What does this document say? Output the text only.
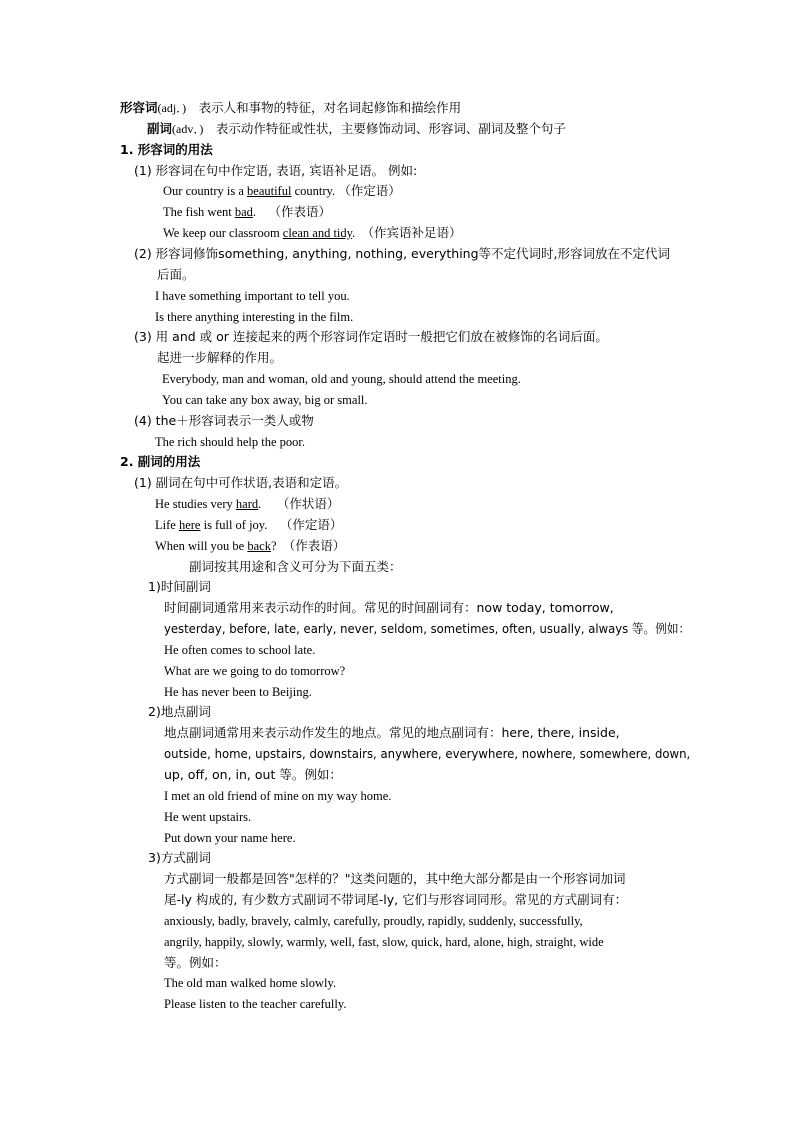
形容词(adj．) 表示人和事物的特征，对名词起修饰和描绘作用
副词(adv．) 表示动作特征或性状，主要修饰动词、形容词、副词及整个句子
1. 形容词的用法
(1) 形容词在句中作定语, 表语, 宾语补足语。 例如:
Our country is a beautiful country. （作定语）
The fish went bad. （作表语）
We keep our classroom clean and tidy. （作宾语补足语）
(2) 形容词修饰something, anything, nothing, everything等不定代词时,形容词放在不定代词
后面。
I have something important to tell you.
Is there anything interesting in the film.
(3) 用 and 或 or 连接起来的两个形容词作定语时一般把它们放在被修饰的名词后面。
起进一步解释的作用。
Everybody, man and woman, old and young, should attend the meeting.
You can take any box away, big or small.
(4) the＋形容词表示一类人或物
The rich should help the poor.
2. 副词的用法
(1) 副词在句中可作状语,表语和定语。
He studies very hard. （作状语）
Life here is full of joy. （作定语）
When will you be back? （作表语）
副词按其用途和含义可分为下面五类：
1)时间副词
时间副词通常用来表示动作的时间。常见的时间副词有：now today, tomorrow,
yesterday, before, late, early, never, seldom, sometimes, often, usually, always 等。例如：
He often comes to school late.
What are we going to do tomorrow?
He has never been to Beijing.
2)地点副词
地点副词通常用来表示动作发生的地点。常见的地点副词有：here, there, inside,
outside, home, upstairs, downstairs, anywhere, everywhere, nowhere, somewhere, down,
up, off, on, in, out 等。例如：
I met an old friend of mine on my way home.
He went upstairs.
Put down your name here.
3)方式副词
方式副词一般都是回答"怎样的？"这类问题的，其中绝大部分都是由一个形容词加词
尾-ly 构成的, 有少数方式副词不带词尾-ly, 它们与形容词同形。常见的方式副词有：
anxiously, badly, bravely, calmly, carefully, proudly, rapidly, suddenly, successfully,
angrily, happily, slowly, warmly, well, fast, slow, quick, hard, alone, high, straight, wide
等。例如：
The old man walked home slowly.
Please listen to the teacher carefully.
